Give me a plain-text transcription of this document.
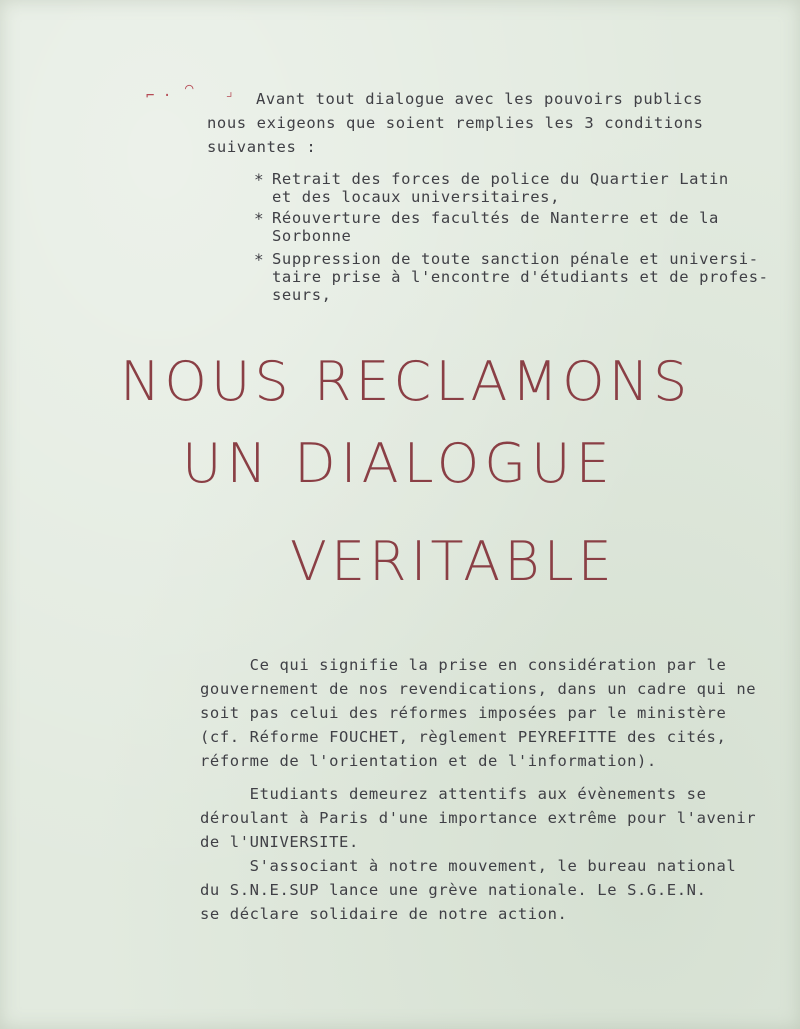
⌐ · ⌒ ⌟ Avant tout dialogue avec les pouvoirs publics
nous exigeons que soient remplies les 3 conditions
suivantes :
* Retrait des forces de police du Quartier Latin
et des locaux universitaires,
* Réouverture des facultés de Nanterre et de la
Sorbonne
* Suppression de toute sanction pénale et universi-
taire prise à l'encontre d'étudiants et de profes-
seurs,
NOUS RECLAMONS
UN DIALOGUE
VERITABLE
Ce qui signifie la prise en considération par le
gouvernement de nos revendications, dans un cadre qui ne
soit pas celui des réformes imposées par le ministère
(cf. Réforme FOUCHET, règlement PEYREFITTE des cités,
réforme de l'orientation et de l'information).
Etudiants demeurez attentifs aux évènements se
déroulant à Paris d'une importance extrême pour l'avenir
de l'UNIVERSITE.
S'associant à notre mouvement, le bureau national
du S.N.E.SUP lance une grève nationale. Le S.G.E.N.
se déclare solidaire de notre action.
